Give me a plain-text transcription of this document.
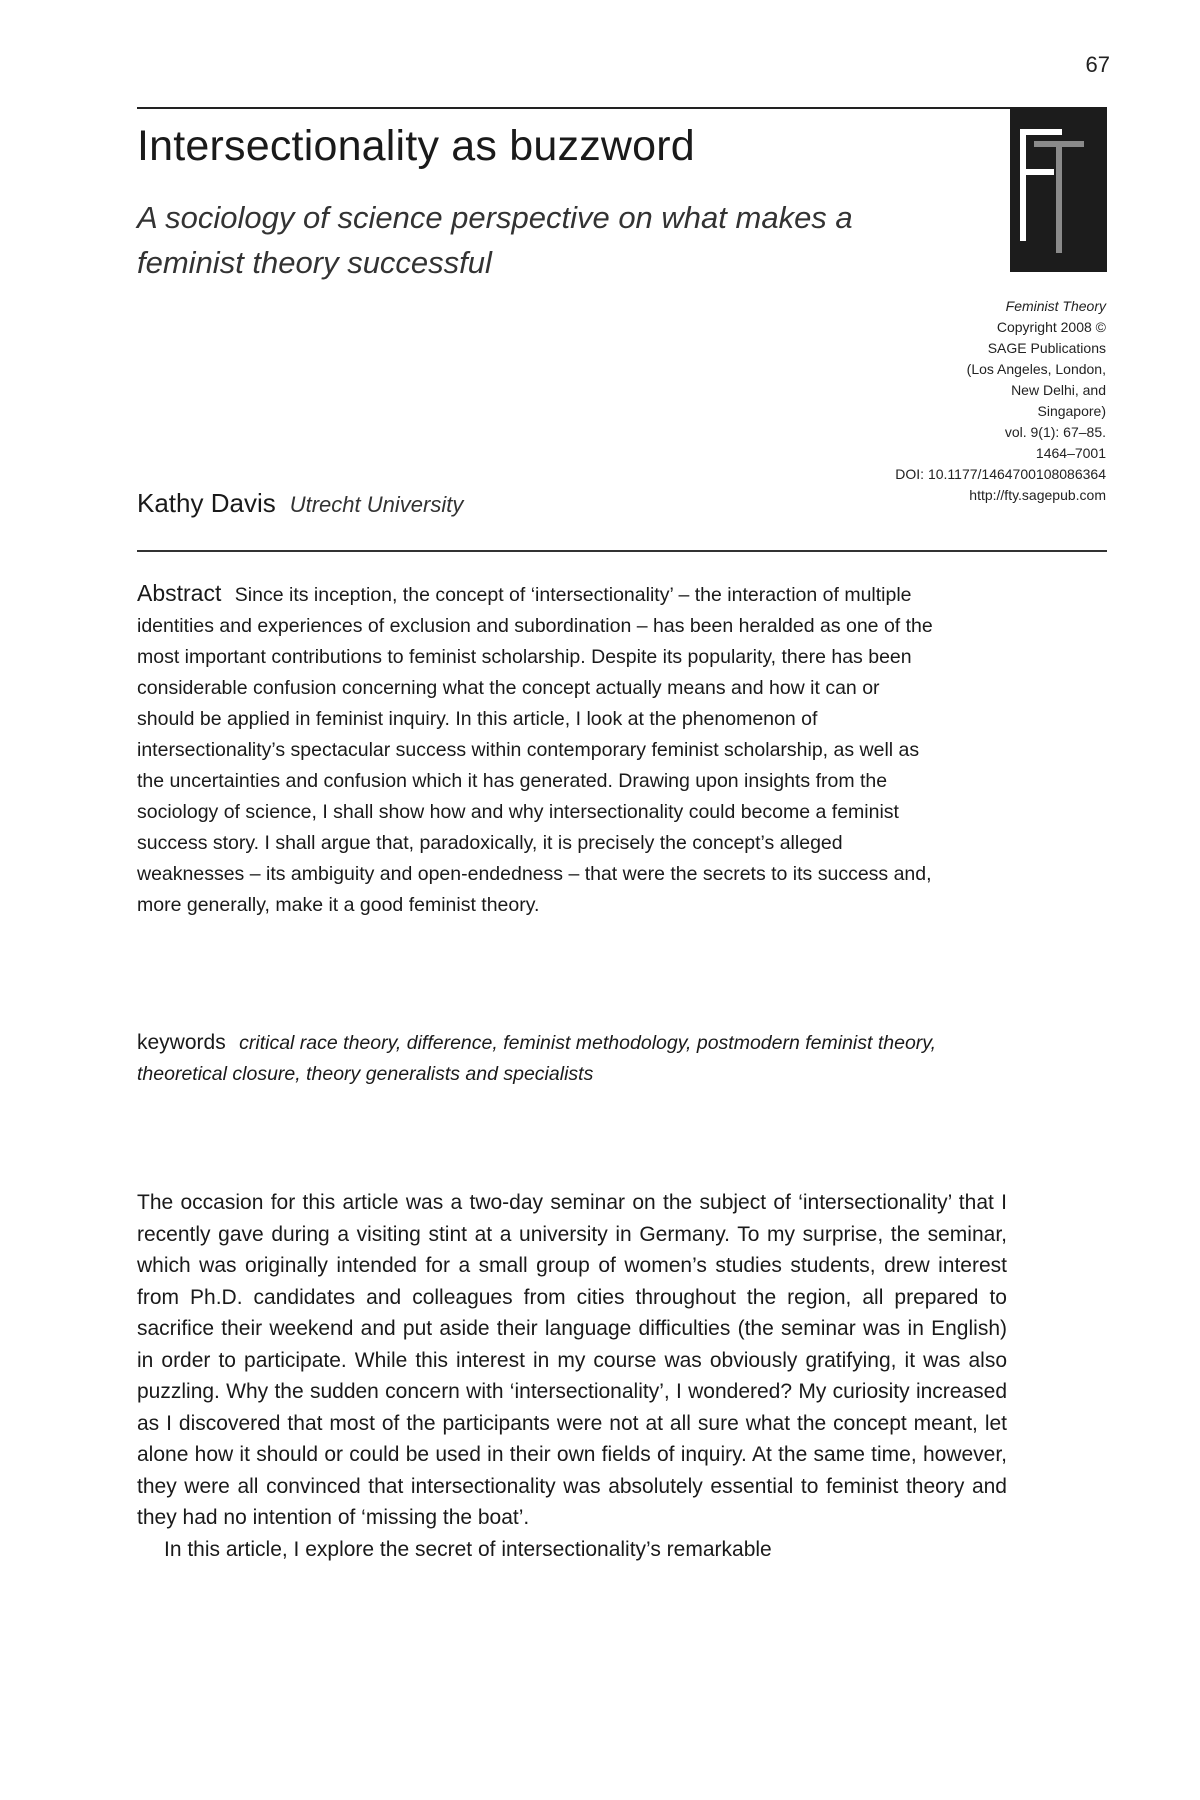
67
Intersectionality as buzzword

A sociology of science perspective on what makes a feminist theory successful

Feminist Theory
Copyright 2008 ©
SAGE Publications
(Los Angeles, London,
New Delhi, and
Singapore)
vol. 9(1): 67–85.
1464–7001
DOI: 10.1177/1464700108086364
http://fty.sagepub.com
Kathy Davis Utrecht University

Abstract Since its inception, the concept of ‘intersectionality’ – the interaction of multiple identities and experiences of exclusion and subordination – has been heralded as one of the most important contributions to feminist scholarship. Despite its popularity, there has been considerable confusion concerning what the concept actually means and how it can or should be applied in feminist inquiry. In this article, I look at the phenomenon of intersectionality’s spectacular success within contemporary feminist scholarship, as well as the uncertainties and confusion which it has generated. Drawing upon insights from the sociology of science, I shall show how and why intersectionality could become a feminist success story. I shall argue that, paradoxically, it is precisely the concept’s alleged weaknesses – its ambiguity and open-endedness – that were the secrets to its success and, more generally, make it a good feminist theory.

keywords critical race theory, difference, feminist methodology, postmodern feminist theory, theoretical closure, theory generalists and specialists

The occasion for this article was a two-day seminar on the subject of ‘intersectionality’ that I recently gave during a visiting stint at a university in Germany. To my surprise, the seminar, which was originally intended for a small group of women’s studies students, drew interest from Ph.D. candidates and colleagues from cities throughout the region, all prepared to sacrifice their weekend and put aside their language difficulties (the seminar was in English) in order to participate. While this interest in my course was obviously gratifying, it was also puzzling. Why the sudden concern with ‘intersectionality’, I wondered? My curiosity increased as I discovered that most of the participants were not at all sure what the concept meant, let alone how it should or could be used in their own fields of inquiry. At the same time, however, they were all convinced that intersectionality was absolutely essential to feminist theory and they had no intention of ‘missing the boat’.

In this article, I explore the secret of intersectionality’s remarkable
